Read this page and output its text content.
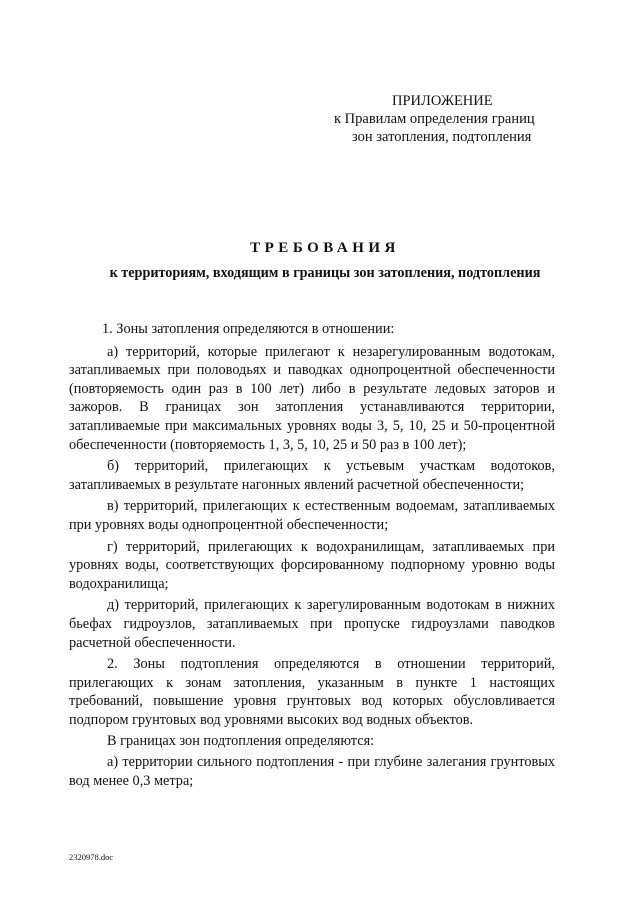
ПРИЛОЖЕНИЕ
к Правилам определения границ
зон затопления, подтопления
ТРЕБОВАНИЯ
к территориям, входящим в границы зон затопления, подтопления

1. Зоны затопления определяются в отношении:

а) территорий, которые прилегают к незарегулированным водотокам, затапливаемых при половодьях и паводках однопроцентной обеспеченности (повторяемость один раз в 100 лет) либо в результате ледовых заторов и зажоров. В границах зон затопления устанавливаются территории, затапливаемые при максимальных уровнях воды 3, 5, 10, 25 и 50-процентной обеспеченности (повторяемость 1, 3, 5, 10, 25 и 50 раз в 100 лет);

б) территорий, прилегающих к устьевым участкам водотоков, затапливаемых в результате нагонных явлений расчетной обеспеченности;

в) территорий, прилегающих к естественным водоемам, затапливаемых при уровнях воды однопроцентной обеспеченности;

г) территорий, прилегающих к водохранилищам, затапливаемых при уровнях воды, соответствующих форсированному подпорному уровню воды водохранилища;

д) территорий, прилегающих к зарегулированным водотокам в нижних бьефах гидроузлов, затапливаемых при пропуске гидроузлами паводков расчетной обеспеченности.

2. Зоны подтопления определяются в отношении территорий, прилегающих к зонам затопления, указанным в пункте 1 настоящих требований, повышение уровня грунтовых вод которых обусловливается подпором грунтовых вод уровнями высоких вод водных объектов.

В границах зон подтопления определяются:

а) территории сильного подтопления - при глубине залегания грунтовых вод менее 0,3 метра;

2320978.doc
